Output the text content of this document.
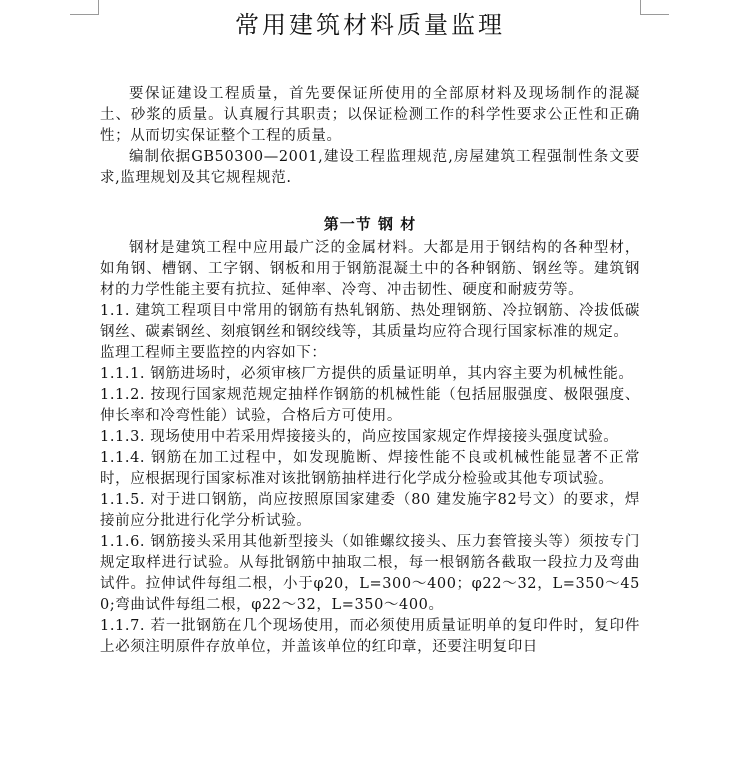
常用建筑材料质量监理

要保证建设工程质量，首先要保证所使用的全部原材料及现场制作的混凝土、砂浆的质量。认真履行其职责；以保证检测工作的科学性要求公正性和正确性；从而切实保证整个工程的质量。

编制依据GB50300—2001,建设工程监理规范,房屋建筑工程强制性条文要求,监理规划及其它规程规范.

第一节 钢 材

钢材是建筑工程中应用最广泛的金属材料。大都是用于钢结构的各种型材，如角钢、槽钢、工字钢、钢板和用于钢筋混凝土中的各种钢筋、钢丝等。建筑钢材的力学性能主要有抗拉、延伸率、冷弯、冲击韧性、硬度和耐疲劳等。

1.1. 建筑工程项目中常用的钢筋有热轧钢筋、热处理钢筋、冷拉钢筋、冷拔低碳钢丝、碳素钢丝、刻痕钢丝和钢绞线等，其质量均应符合现行国家标准的规定。

监理工程师主要监控的内容如下：

1.1.1. 钢筋进场时，必须审核厂方提供的质量证明单，其内容主要为机械性能。

1.1.2. 按现行国家规范规定抽样作钢筋的机械性能（包括屈服强度、极限强度、伸长率和冷弯性能）试验，合格后方可使用。

1.1.3. 现场使用中若采用焊接接头的，尚应按国家规定作焊接接头强度试验。

1.1.4. 钢筋在加工过程中，如发现脆断、焊接性能不良或机械性能显著不正常时，应根据现行国家标准对该批钢筋抽样进行化学成分检验或其他专项试验。

1.1.5. 对于进口钢筋，尚应按照原国家建委（80 建发施字82号文）的要求，焊接前应分批进行化学分析试验。

1.1.6. 钢筋接头采用其他新型接头（如锥螺纹接头、压力套管接头等）须按专门规定取样进行试验。从每批钢筋中抽取二根，每一根钢筋各截取一段拉力及弯曲试件。拉伸试件每组二根，小于φ20，L=300～400；φ22～32，L=350～450;弯曲试件每组二根，φ22～32，L=350～400。

1.1.7. 若一批钢筋在几个现场使用，而必须使用质量证明单的复印件时，复印件上必须注明原件存放单位，并盖该单位的红印章，还要注明复印日
